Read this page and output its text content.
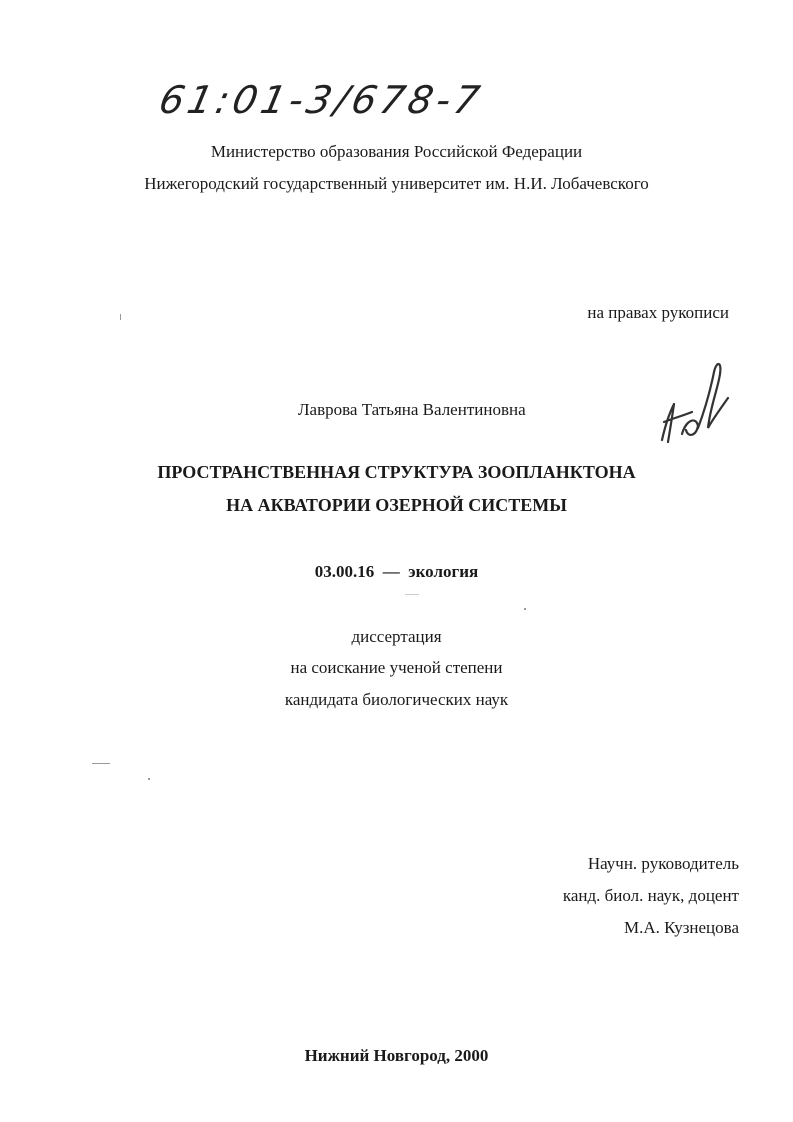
61:01-3/678-7
Министерство образования Российской Федерации
Нижегородский государственный университет им. Н.И. Лобачевского
на правах рукописи
Лаврова Татьяна Валентиновна
ПРОСТРАНСТВЕННАЯ СТРУКТУРА ЗООПЛАНКТОНА
НА АКВАТОРИИ ОЗЕРНОЙ СИСТЕМЫ
03.00.16  —  экология
диссертация
на соискание ученой степени
кандидата биологических наук
Научн. руководитель
канд. биол. наук, доцент
М.А. Кузнецова
Нижний Новгород, 2000
